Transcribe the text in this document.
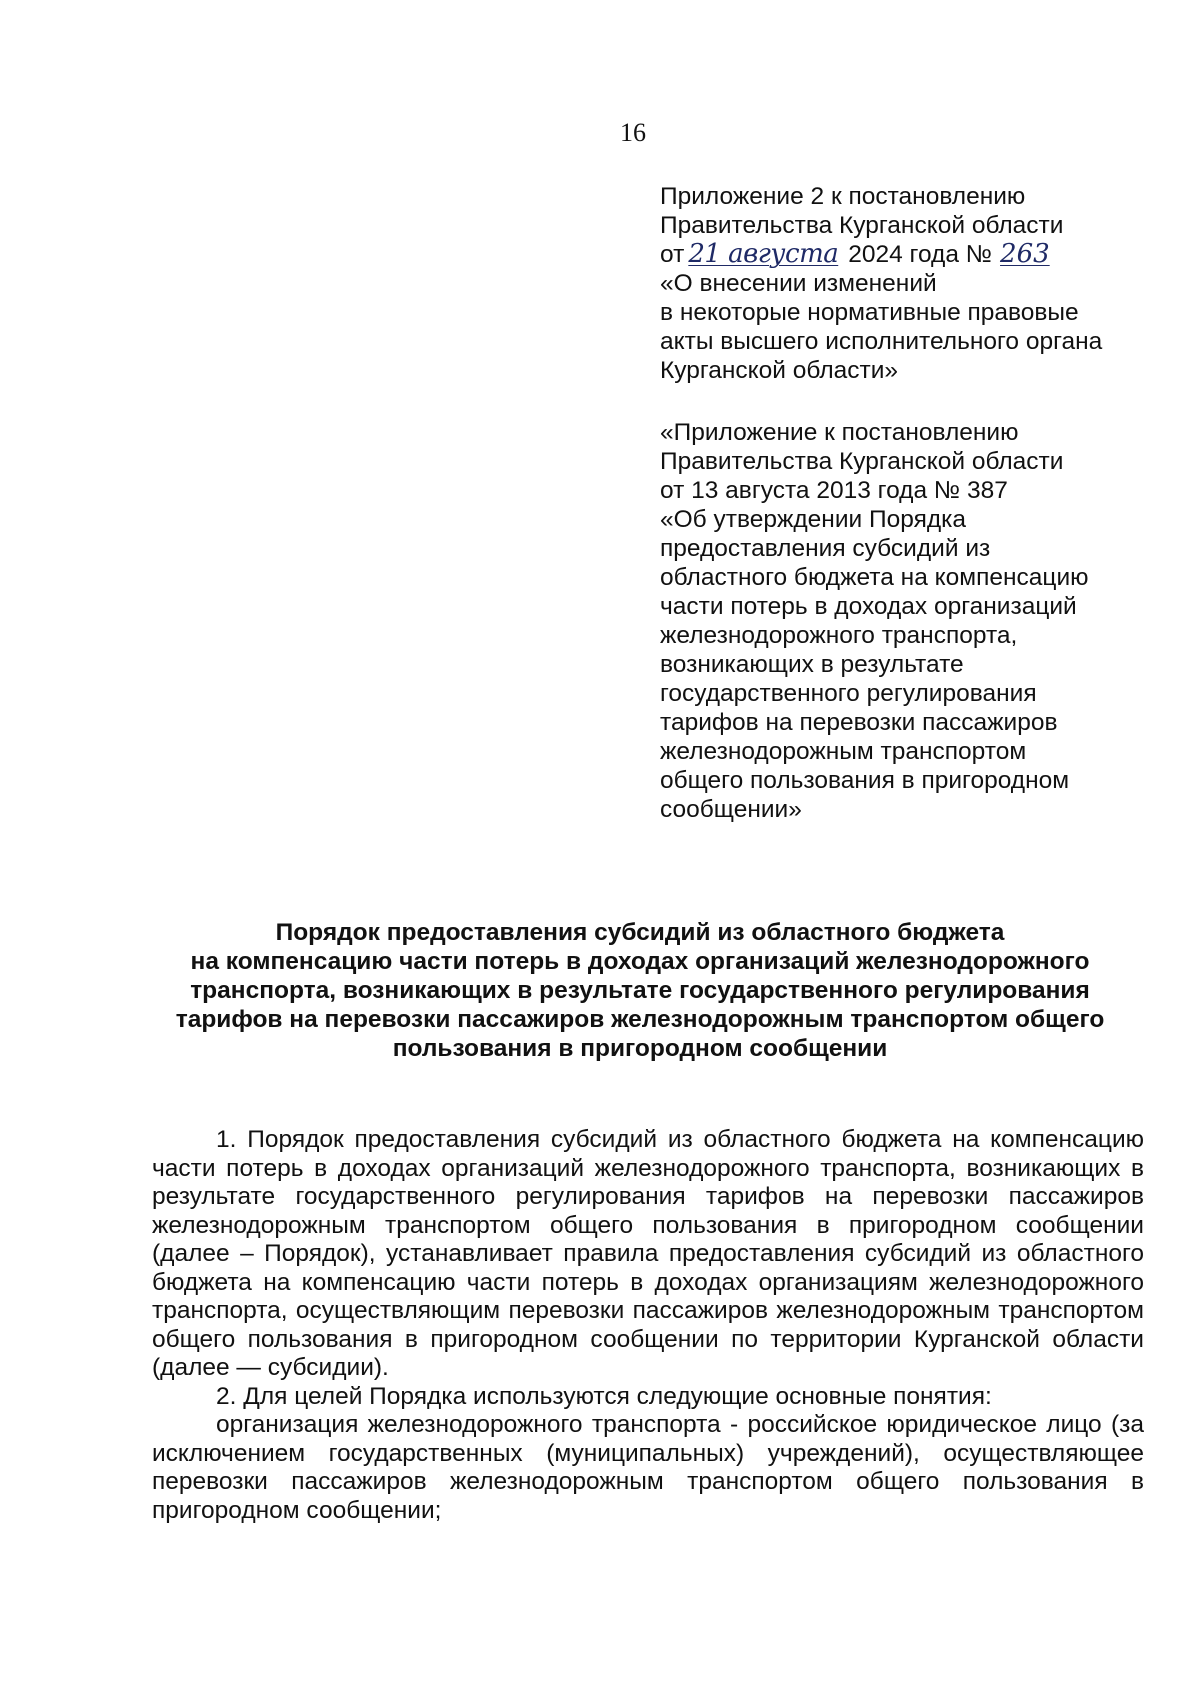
16
Приложение 2 к постановлению
Правительства Курганской области
от 21 августа 2024 года № 263
«О внесении изменений
в некоторые нормативные правовые
акты высшего исполнительного органа
Курганской области»
«Приложение к постановлению
Правительства Курганской области
от 13 августа 2013 года № 387
«Об утверждении Порядка
предоставления субсидий из
областного бюджета на компенсацию
части потерь в доходах организаций
железнодорожного транспорта,
возникающих в результате
государственного регулирования
тарифов на перевозки пассажиров
железнодорожным транспортом
общего пользования в пригородном
сообщении»
Порядок предоставления субсидий из областного бюджета
на компенсацию части потерь в доходах организаций железнодорожного
транспорта, возникающих в результате государственного регулирования
тарифов на перевозки пассажиров железнодорожным транспортом общего
пользования в пригородном сообщении

1. Порядок предоставления субсидий из областного бюджета на компенсацию части потерь в доходах организаций железнодорожного транспорта, возникающих в результате государственного регулирования тарифов на перевозки пассажиров железнодорожным транспортом общего пользования в пригородном сообщении (далее – Порядок), устанавливает правила предоставления субсидий из областного бюджета на компенсацию части потерь в доходах организациям железнодорожного транспорта, осуществляющим перевозки пассажиров железнодорожным транспортом общего пользования в пригородном сообщении по территории Курганской области (далее — субсидии).

2. Для целей Порядка используются следующие основные понятия:

организация железнодорожного транспорта - российское юридическое лицо (за исключением государственных (муниципальных) учреждений), осуществляющее перевозки пассажиров железнодорожным транспортом общего пользования в пригородном сообщении;
